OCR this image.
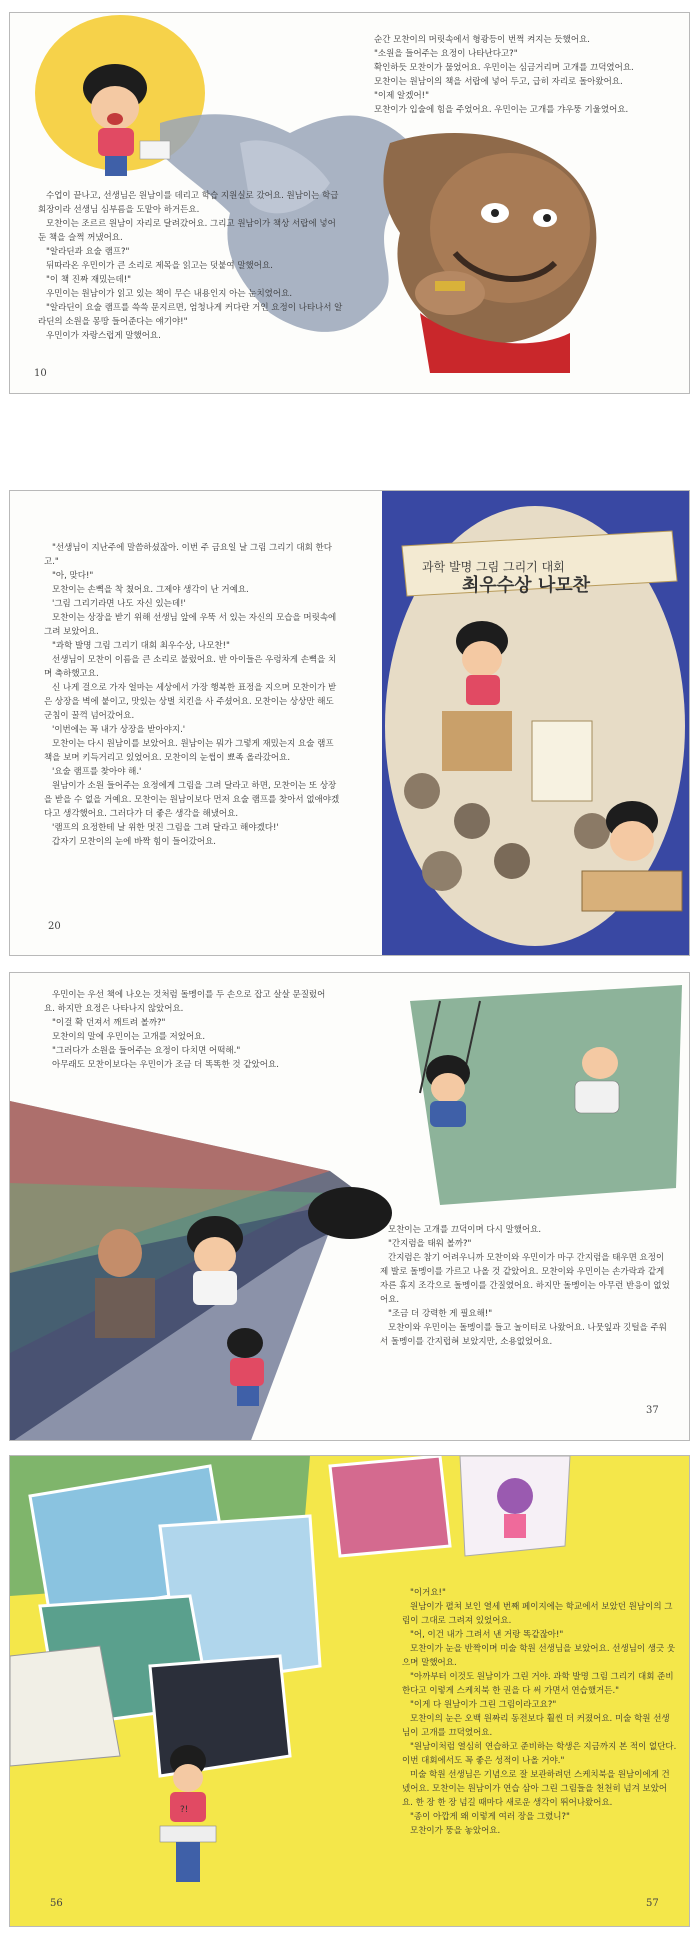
순간 모찬이의 머릿속에서 형광등이 번쩍 켜지는 듯했어요.

"소원을 들어주는 요정이 나타난다고?"

확인하듯 모찬이가 물었어요. 우민이는 심금거리며 고개를 끄덕였어요.

모찬이는 원남이의 책을 서랍에 넣어 두고, 급히 자리로 돌아왔어요.

"이제 알겠어!"

모찬이가 입술에 힘을 주었어요. 우민이는 고개를 갸우뚱 기울였어요.

수업이 끝나고, 선생님은 원남이를 데리고 학습 지원실로 갔어요. 원남이는 학급 회장이라 선생님 심부름을 도맡아 하거든요.

모찬이는 조르르 원남이 자리로 달려갔어요. 그리고 원남이가 책상 서랍에 넣어 둔 책을 슬쩍 꺼냈어요.

"알라딘과 요술 램프?"

뒤따라온 우민이가 큰 소리로 제목을 읽고는 덧붙여 말했어요.

"이 책 진짜 재밌는데!"

우민이는 원남이가 읽고 있는 책이 무슨 내용인지 아는 눈치였어요.

"알라딘이 요술 램프를 쓱쓱 문지르면, 엄청나게 커다란 거인 요정이 나타나서 알라딘의 소원을 몽땅 들어준다는 얘기야!"

우민이가 자랑스럽게 말했어요.

10

"선생님이 지난주에 말씀하셨잖아. 이번 주 금요일 날 그림 그리기 대회 한다고."

"아, 맞다!"

모찬이는 손뼉을 착 쳤어요. 그제야 생각이 난 거예요.

'그림 그리기라면 나도 자신 있는데!'

모찬이는 상장을 받기 위해 선생님 앞에 우뚝 서 있는 자신의 모습을 머릿속에 그려 보았어요.

"과학 발명 그림 그리기 대회 최우수상, 나모찬!"

선생님이 모찬이 이름을 큰 소리로 불렀어요. 반 아이들은 우렁차게 손뼉을 치며 축하했고요.

신 나게 걸으로 가자 얼마는 세상에서 가장 행복한 표정을 지으며 모찬이가 받은 상장을 벽에 붙이고, 맛있는 상벌 치킨을 사 주셨어요. 모찬이는 상상만 해도 군침이 꿀꺽 넘어갔어요.

'이번에는 꼭 내가 상장을 받아야지.'

모찬이는 다시 원남이를 보았어요. 원남이는 뭐가 그렇게 재밌는지 요술 램프 책을 보며 키득거리고 있었어요. 모찬이의 눈썹이 뾰족 올라갔어요.

'요술 램프를 찾아야 해.'

원남이가 소원 들어주는 요정에게 그림을 그려 달라고 하면, 모찬이는 또 상장을 받을 수 없을 거예요. 모찬이는 원남이보다 먼저 요술 램프를 찾아서 없애야겠다고 생각했어요. 그러다가 더 좋은 생각을 해냈어요.

'램프의 요정한테 날 위한 멋진 그림을 그려 달라고 해야겠다!'

갑자기 모찬이의 눈에 바짝 힘이 들어갔어요.

과학 발명 그림 그리기 대회
최우수상 나모찬
20

우민이는 우선 책에 나오는 것처럼 돌멩이를 두 손으로 잡고 살살 문질렀어요. 하지만 요정은 나타나지 않았어요.

"이걸 확 던져서 깨트려 볼까?"

모찬이의 말에 우민이는 고개를 저었어요.

"그러다가 소원을 들어주는 요정이 다치면 어떡해."

아무래도 모찬이보다는 우민이가 조금 더 똑똑한 것 같았어요.

모찬이는 고개를 끄덕이며 다시 말했어요.

"간지럼을 태워 볼까?"

간지럼은 참기 어려우니까 모찬이와 우민이가 마구 간지럼을 태우면 요정이 제 발로 돌멩이를 가르고 나올 것 같았어요. 모찬이와 우민이는 손가락과 같게 자른 휴지 조각으로 돌멩이를 간질였어요. 하지만 돌멩이는 아무런 반응이 없었어요.

"조금 더 강력한 게 필요해!"

모찬이와 우민이는 돌멩이를 들고 놀이터로 나왔어요. 나뭇잎과 깃털을 주워서 돌멩이를 간지럽혀 보았지만, 소용없었어요.

37
?!

"이거요!"

원남이가 펼쳐 보인 열세 번째 페이지에는 학교에서 보았던 원남이의 그림이 그대로 그려져 있었어요.

"어, 이건 내가 그려서 낸 거랑 똑같잖아!"

모찬이가 눈을 반짝이며 미술 학원 선생님을 보았어요. 선생님이 생긋 웃으며 말했어요.

"아까부터 이것도 원남이가 그린 거야. 과학 발명 그림 그리기 대회 준비한다고 이렇게 스케치북 한 권을 다 써 가면서 연습했거든."

"이게 다 원남이가 그린 그림이라고요?"

모찬이의 눈은 오백 원짜리 동전보다 훨씬 더 커졌어요. 미술 학원 선생님이 고개를 끄덕였어요.

"원남이처럼 열심히 연습하고 준비하는 학생은 지금까지 본 적이 없단다. 이번 대회에서도 꼭 좋은 성적이 나올 거야."

미술 학원 선생님은 기념으로 잘 보관하려던 스케치북을 원남이에게 건넸어요. 모찬이는 원남이가 연습 삼아 그린 그림들을 천천히 넘겨 보았어요. 한 장 한 장 넘길 때마다 새로운 생각이 뛰어나왔어요.

"종이 아깝게 왜 이렇게 여러 장을 그렸니?"

모찬이가 뚱을 놓았어요.

56	57
